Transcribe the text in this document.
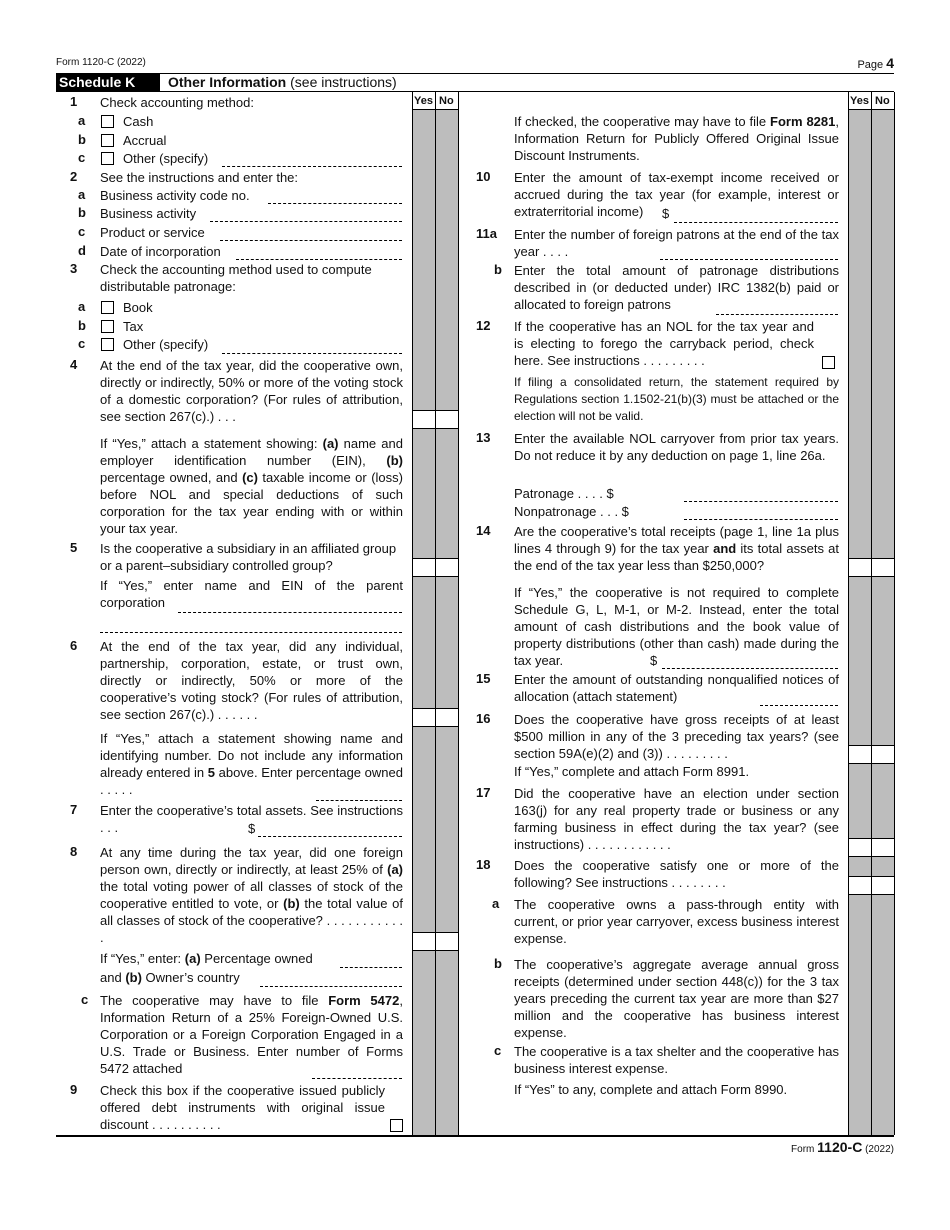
Form 1120-C (2022)	Page 4
Schedule K	Other Information (see instructions)
Yes No	Yes No
1 Check accounting method:
a	Cash
b	Accrual
c	Other (specify)
2 See the instructions and enter the:
a Business activity code no.
b Business activity
c Product or service
d Date of incorporation
3 Check the accounting method used to compute
distributable patronage:
a	Book
b	Tax
c	Other (specify)
4 At the end of the tax year, did the cooperative own, directly or indirectly, 50% or more of the voting stock of a domestic corporation? (For rules of attribution, see section 267(c).) . . .
If “Yes,” attach a statement showing: (a) name and employer identification number (EIN), (b) percentage owned, and (c) taxable income or (loss) before NOL and special deductions of such corporation for the tax year ending with or within your tax year.
5 Is the cooperative a subsidiary in an affiliated group or a parent–subsidiary controlled group?
If “Yes,” enter name and EIN of the parent corporation
6 At the end of the tax year, did any individual, partnership, corporation, estate, or trust own, directly or indirectly, 50% or more of the cooperative’s voting stock? (For rules of attribution, see section 267(c).) . . . . . .
If “Yes,” attach a statement showing name and identifying number. Do not include any information already entered in 5 above. Enter percentage owned . . . . .
7 Enter the cooperative’s total assets. See instructions . . .	$
8 At any time during the tax year, did one foreign person own, directly or indirectly, at least 25% of (a) the total voting power of all classes of stock of the cooperative entitled to vote, or (b) the total value of all classes of stock of the cooperative? . . . . . . . . . . . .
If “Yes,” enter: (a) Percentage owned
and (b) Owner’s country
c The cooperative may have to file Form 5472, Information Return of a 25% Foreign-Owned U.S. Corporation or a Foreign Corporation Engaged in a U.S. Trade or Business. Enter number of Forms 5472 attached
9 Check this box if the cooperative issued publicly offered debt instruments with original issue discount . . . . . . . . . .
If checked, the cooperative may have to file Form 8281, Information Return for Publicly Offered Original Issue Discount Instruments.
10 Enter the amount of tax-exempt income received or accrued during the tax year (for example, interest or extraterritorial income)	$
11a Enter the number of foreign patrons at the end of the tax year . . . .
b Enter the total amount of patronage distributions described in (or deducted under) IRC 1382(b) paid or allocated to foreign patrons
12 If the cooperative has an NOL for the tax year and is electing to forego the carryback period, check here. See instructions . . . . . . . . .
If filing a consolidated return, the statement required by Regulations section 1.1502-21(b)(3) must be attached or the election will not be valid.
13 Enter the available NOL carryover from prior tax years. Do not reduce it by any deduction on page 1, line 26a.
Patronage . . . . $
Nonpatronage . . . $
14 Are the cooperative’s total receipts (page 1, line 1a plus lines 4 through 9) for the tax year and its total assets at the end of the tax year less than $250,000?
If “Yes,” the cooperative is not required to complete Schedule G, L, M-1, or M-2. Instead, enter the total amount of cash distributions and the book value of property distributions (other than cash) made during the tax year.	$
15 Enter the amount of outstanding nonqualified notices of allocation (attach statement)
16 Does the cooperative have gross receipts of at least $500 million in any of the 3 preceding tax years? (see section 59A(e)(2) and (3)) . . . . . . . . .
If “Yes,” complete and attach Form 8991.
17 Did the cooperative have an election under section 163(j) for any real property trade or business or any farming business in effect during the tax year? (see instructions) . . . . . . . . . . . .
18 Does the cooperative satisfy one or more of the following? See instructions . . . . . . . .
a The cooperative owns a pass-through entity with current, or prior year carryover, excess business interest expense.
b The cooperative’s aggregate average annual gross receipts (determined under section 448(c)) for the 3 tax years preceding the current tax year are more than $27 million and the cooperative has business interest expense.
c The cooperative is a tax shelter and the cooperative has business interest expense.
If “Yes” to any, complete and attach Form 8990.
Form 1120-C (2022)
